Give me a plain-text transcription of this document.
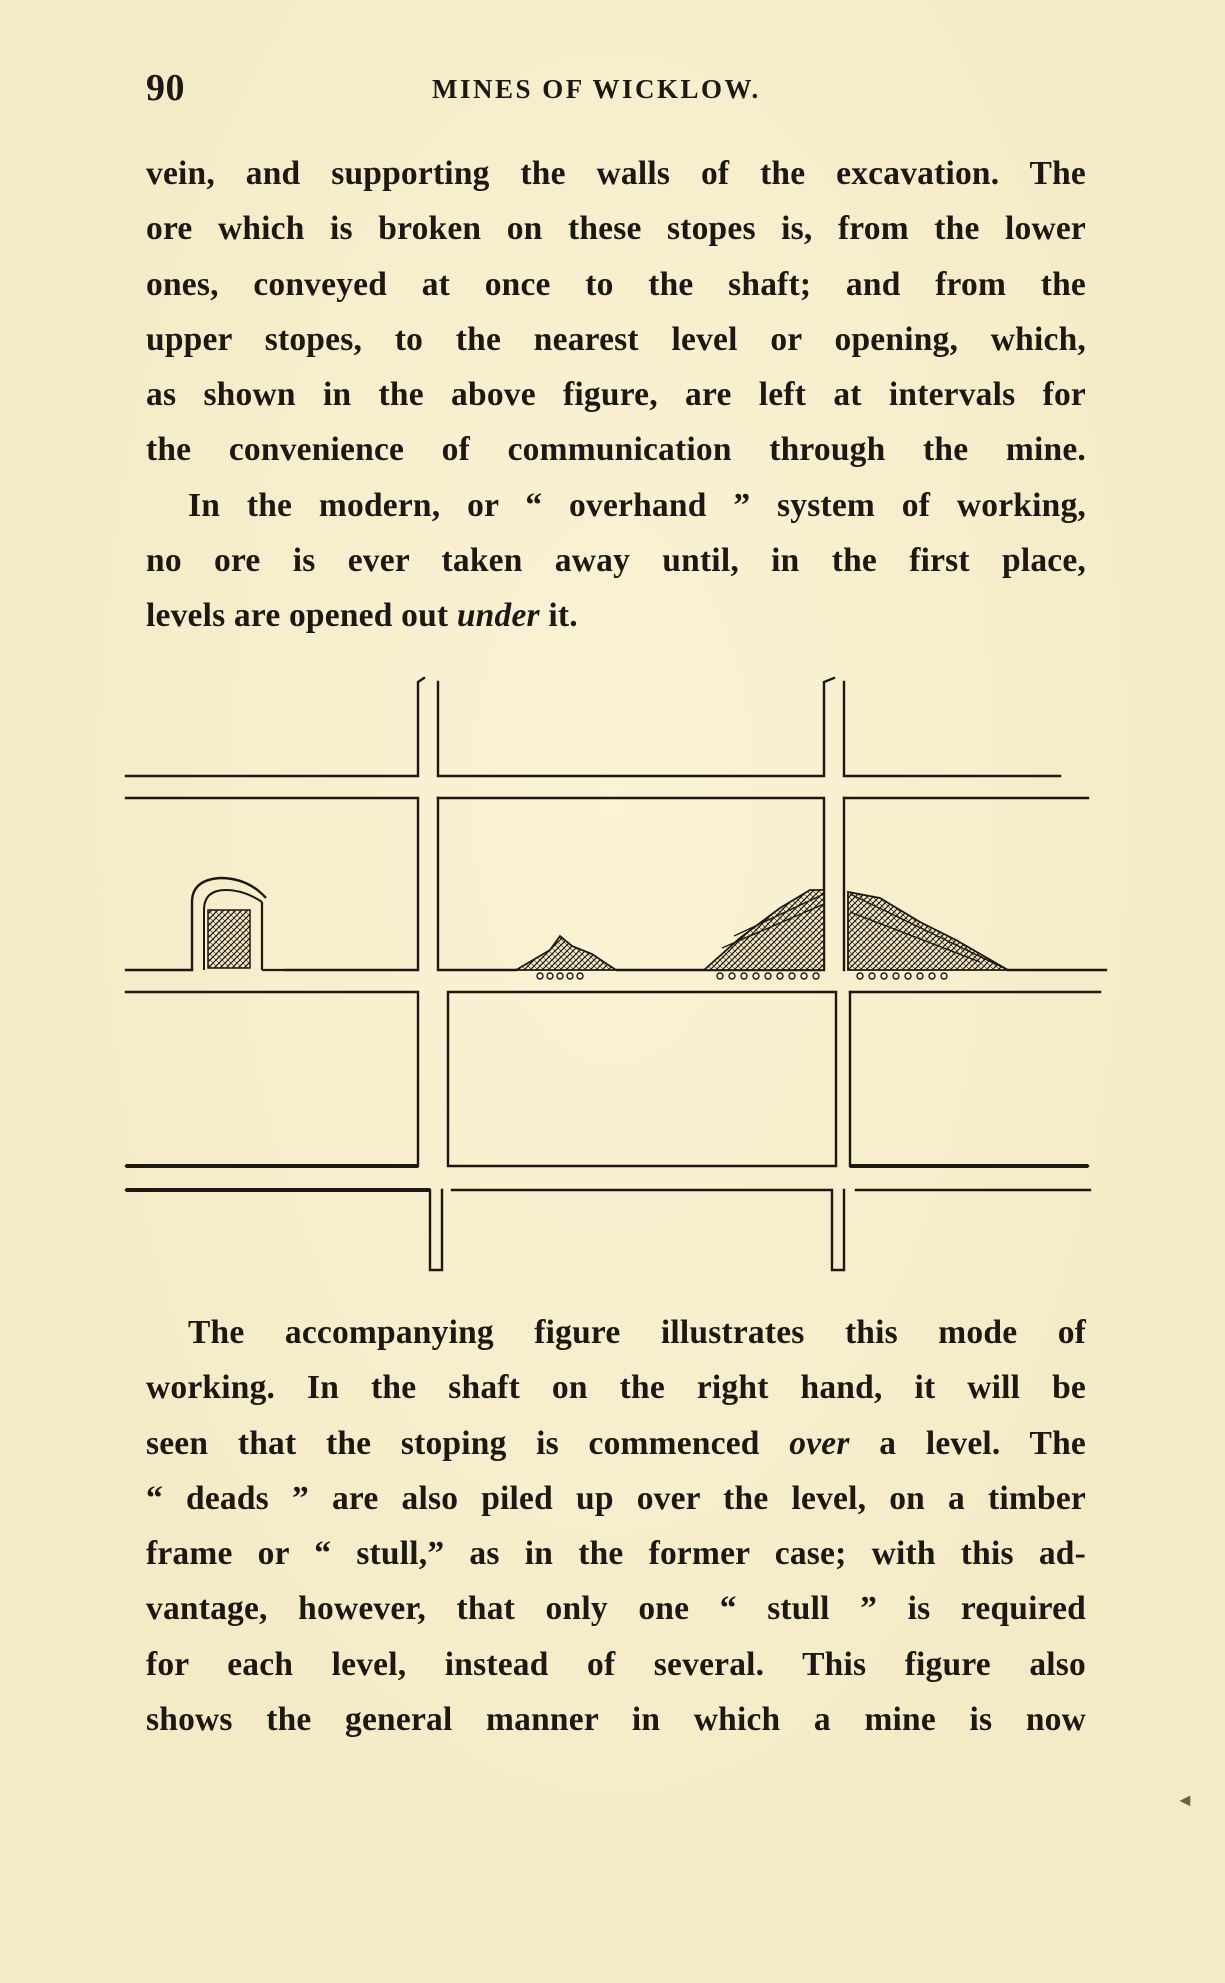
90	MINES OF WICKLOW.
vein, and supporting the walls of the excavation. The
ore which is broken on these stopes is, from the lower
ones, conveyed at once to the shaft; and from the
upper stopes, to the nearest level or opening, which,
as shown in the above figure, are left at intervals for
the convenience of communication through the mine.
In the modern, or “ overhand ” system of working,
no ore is ever taken away until, in the first place,
levels are opened out under it.
The accompanying figure illustrates this mode of
working. In the shaft on the right hand, it will be
seen that the stoping is commenced over a level. The
“ deads ” are also piled up over the level, on a timber
frame or “ stull,” as in the former case; with this ad-
vantage, however, that only one “ stull ” is required
for each level, instead of several. This figure also
shows the general manner in which a mine is now
◄
